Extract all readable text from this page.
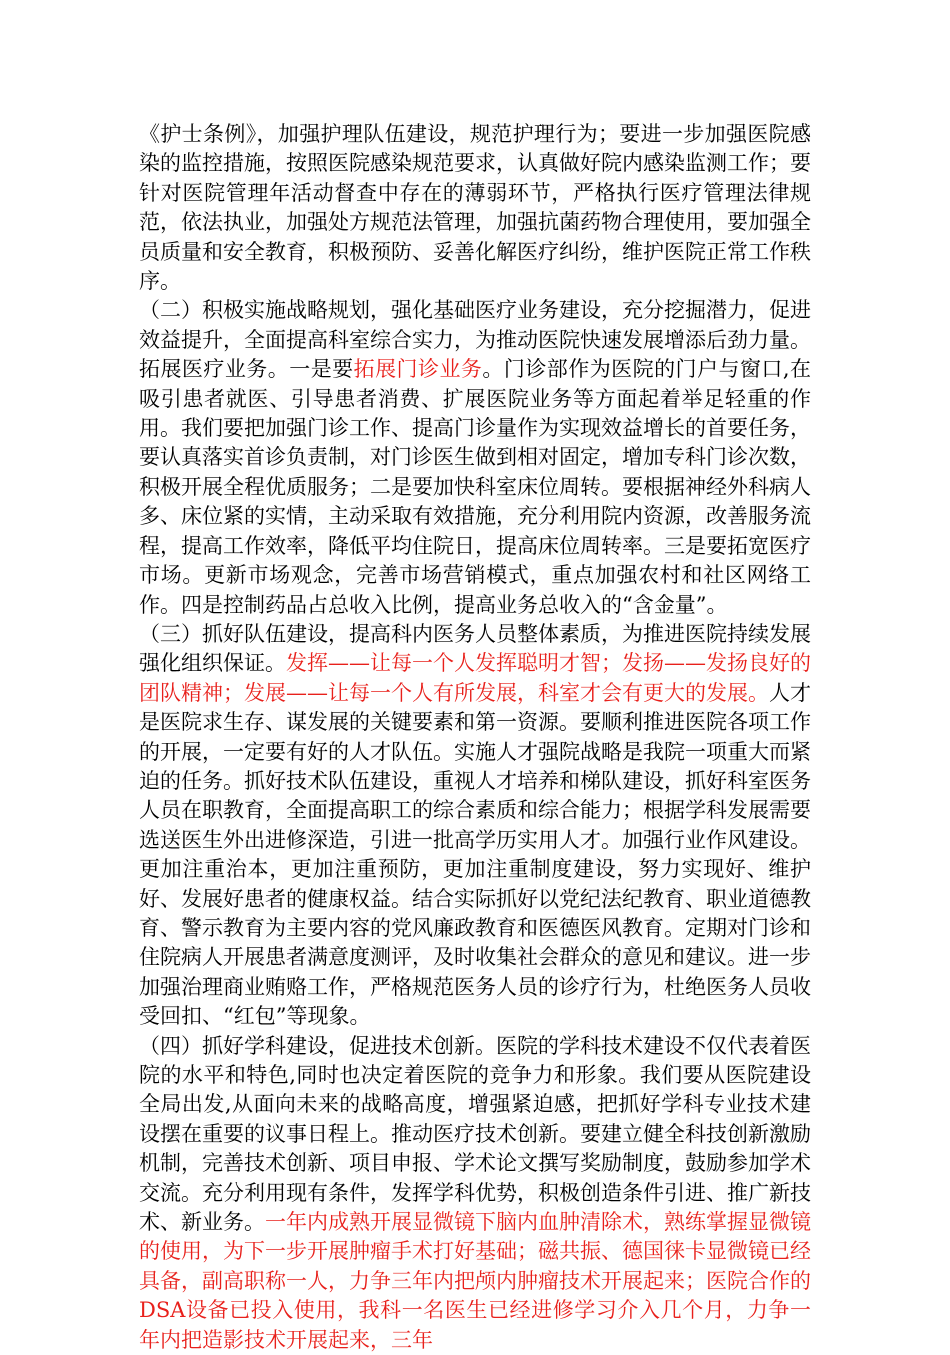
《护士条例》，加强护理队伍建设，规范护理行为；要进一步加强医院感染的监控措施，按照医院感染规范要求，认真做好院内感染监测工作；要针对医院管理年活动督查中存在的薄弱环节，严格执行医疗管理法律规范，依法执业，加强处方规范法管理，加强抗菌药物合理使用，要加强全员质量和安全教育，积极预防、妥善化解医疗纠纷，维护医院正常工作秩序。

（二）积极实施战略规划，强化基础医疗业务建设，充分挖掘潜力，促进效益提升，全面提高科室综合实力，为推动医院快速发展增添后劲力量。拓展医疗业务。一是要拓展门诊业务。门诊部作为医院的门户与窗口,在吸引患者就医、引导患者消费、扩展医院业务等方面起着举足轻重的作用。我们要把加强门诊工作、提高门诊量作为实现效益增长的首要任务，要认真落实首诊负责制，对门诊医生做到相对固定，增加专科门诊次数，积极开展全程优质服务；二是要加快科室床位周转。要根据神经外科病人多、床位紧的实情，主动采取有效措施，充分利用院内资源，改善服务流程，提高工作效率，降低平均住院日，提高床位周转率。三是要拓宽医疗市场。更新市场观念，完善市场营销模式，重点加强农村和社区网络工作。四是控制药品占总收入比例，提高业务总收入的“含金量”。

（三）抓好队伍建设，提高科内医务人员整体素质，为推进医院持续发展强化组织保证。发挥——让每一个人发挥聪明才智；发扬——发扬良好的团队精神；发展——让每一个人有所发展，科室才会有更大的发展。人才是医院求生存、谋发展的关键要素和第一资源。要顺利推进医院各项工作的开展，一定要有好的人才队伍。实施人才强院战略是我院一项重大而紧迫的任务。抓好技术队伍建设，重视人才培养和梯队建设，抓好科室医务人员在职教育，全面提高职工的综合素质和综合能力；根据学科发展需要选送医生外出进修深造，引进一批高学历实用人才。加强行业作风建设。更加注重治本，更加注重预防，更加注重制度建设，努力实现好、维护好、发展好患者的健康权益。结合实际抓好以党纪法纪教育、职业道德教育、警示教育为主要内容的党风廉政教育和医德医风教育。定期对门诊和住院病人开展患者满意度测评，及时收集社会群众的意见和建议。进一步加强治理商业贿赂工作，严格规范医务人员的诊疗行为，杜绝医务人员收受回扣、“红包”等现象。

（四）抓好学科建设，促进技术创新。医院的学科技术建设不仅代表着医院的水平和特色,同时也决定着医院的竞争力和形象。我们要从医院建设全局出发,从面向未来的战略高度，增强紧迫感，把抓好学科专业技术建设摆在重要的议事日程上。推动医疗技术创新。要建立健全科技创新激励机制，完善技术创新、项目申报、学术论文撰写奖励制度，鼓励参加学术交流。充分利用现有条件，发挥学科优势，积极创造条件引进、推广新技术、新业务。一年内成熟开展显微镜下脑内血肿清除术，熟练掌握显微镜的使用，为下一步开展肿瘤手术打好基础；磁共振、德国徕卡显微镜已经具备，副高职称一人，力争三年内把颅内肿瘤技术开展起来；医院合作的DSA设备已投入使用，我科一名医生已经进修学习介入几个月，力争一年内把造影技术开展起来，三年
